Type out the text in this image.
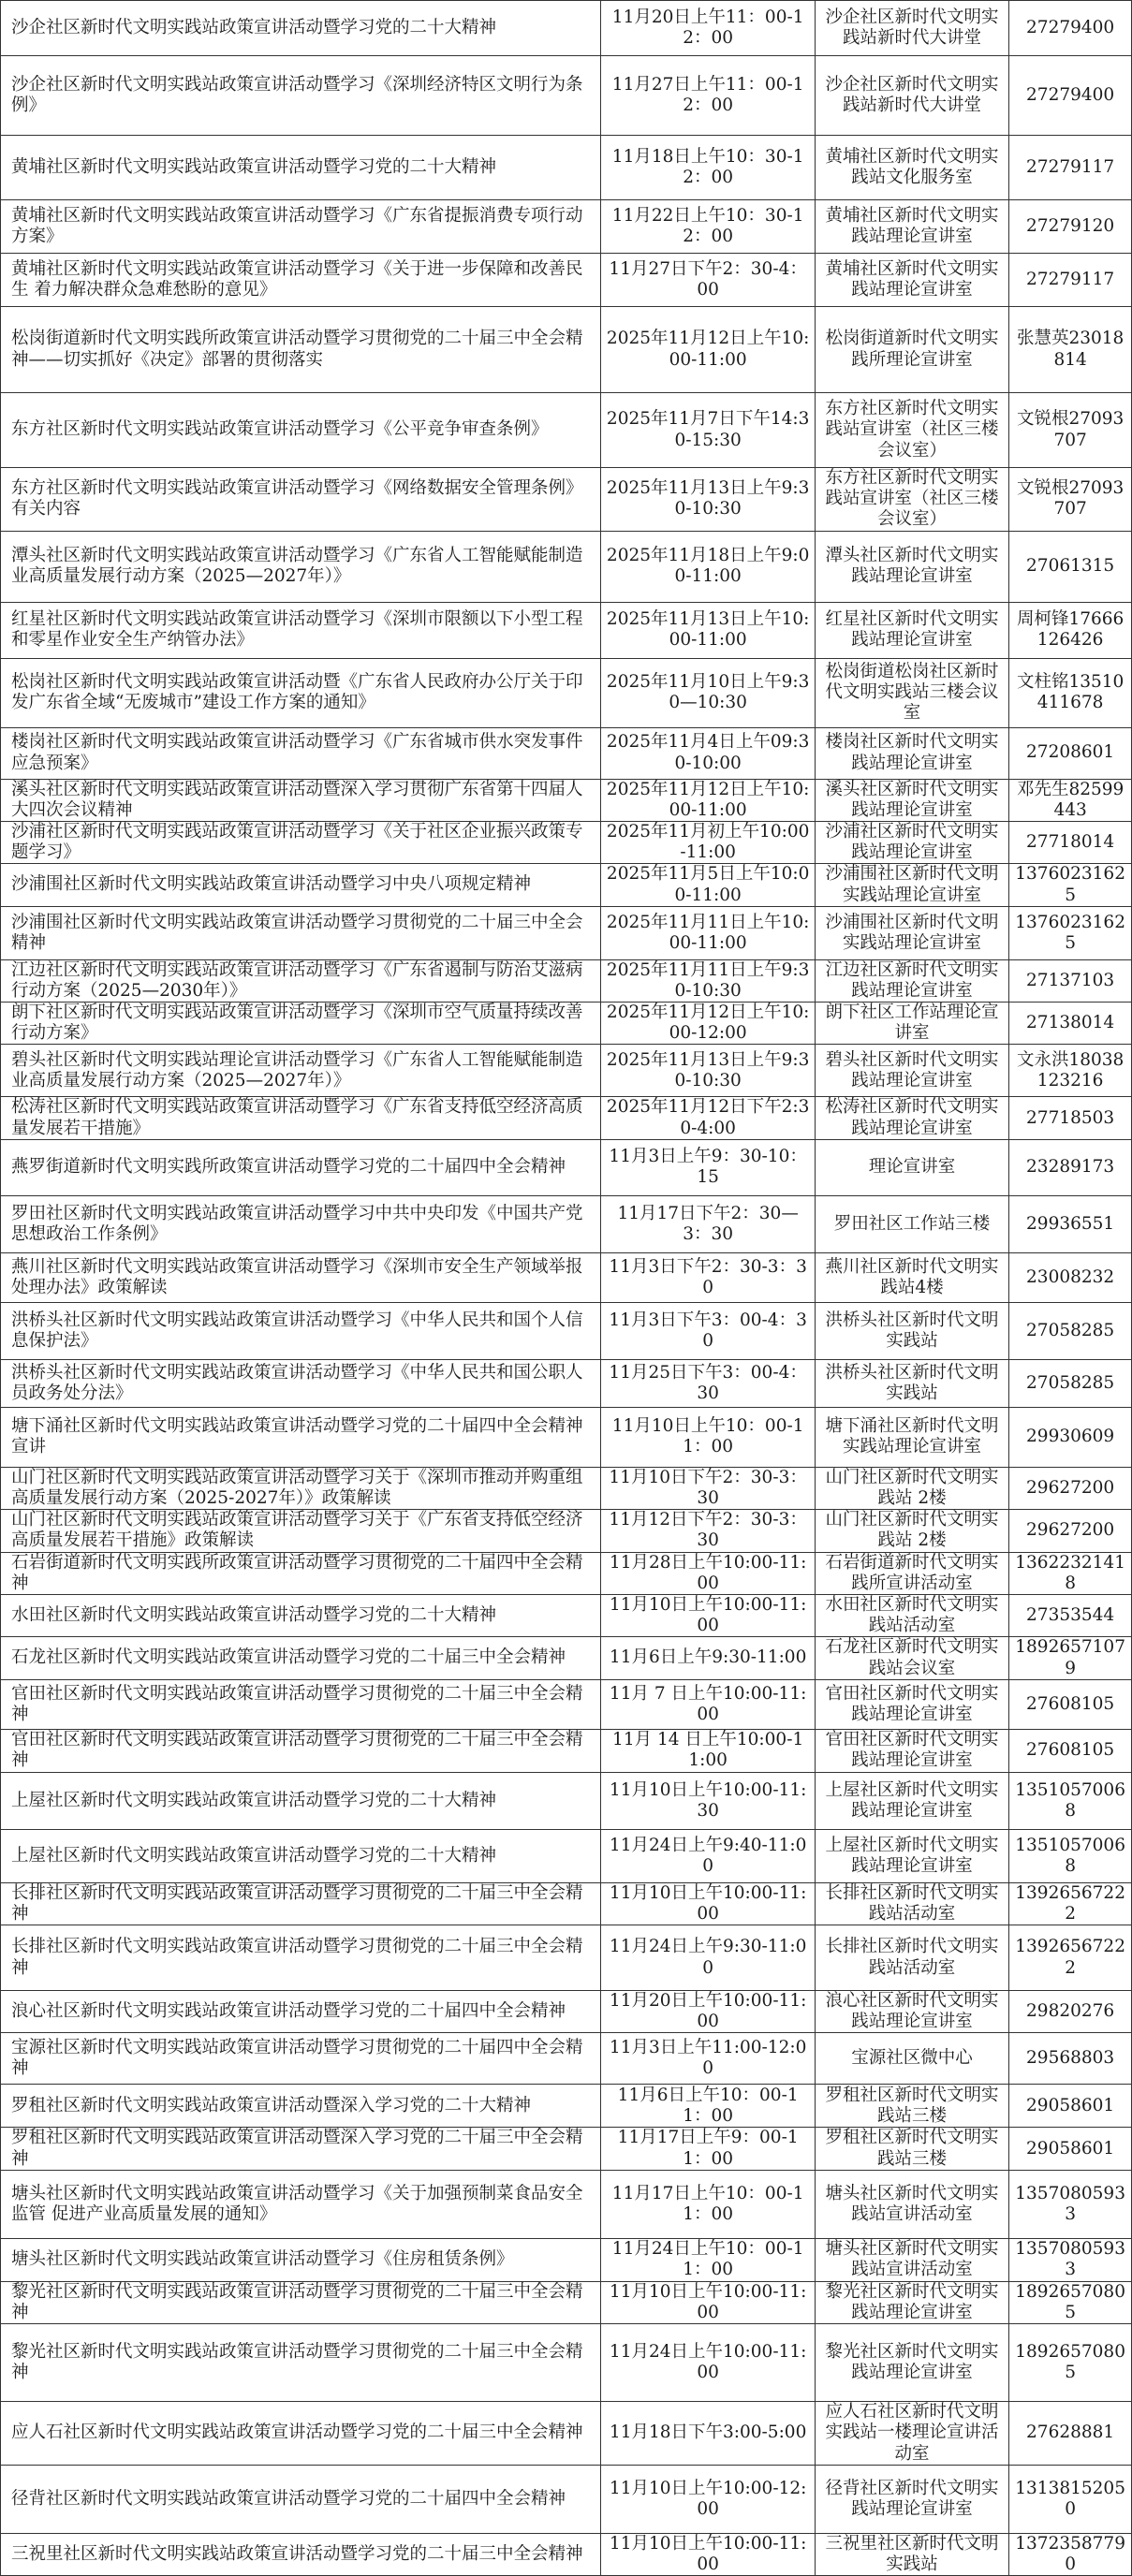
沙企社区新时代文明实践站政策宣讲活动暨学习党的二十大精神	11月20日上午11：00-12：00	沙企社区新时代文明实践站新时代大讲堂	27279400
沙企社区新时代文明实践站政策宣讲活动暨学习《深圳经济特区文明行为条例》	11月27日上午11：00-12：00	沙企社区新时代文明实践站新时代大讲堂	27279400
黄埔社区新时代文明实践站政策宣讲活动暨学习党的二十大精神	11月18日上午10：30-12：00	黄埔社区新时代文明实践站文化服务室	27279117
黄埔社区新时代文明实践站政策宣讲活动暨学习《广东省提振消费专项行动方案》	11月22日上午10：30-12：00	黄埔社区新时代文明实践站理论宣讲室	27279120
黄埔社区新时代文明实践站政策宣讲活动暨学习《关于进一步保障和改善民生 着力解决群众急难愁盼的意见》	11月27日下午2：30-4：00	黄埔社区新时代文明实践站理论宣讲室	27279117
松岗街道新时代文明实践所政策宣讲活动暨学习贯彻党的二十届三中全会精神——切实抓好《决定》部署的贯彻落实	2025年11月12日上午10:00-11:00	松岗街道新时代文明实践所理论宣讲室	张慧英23018814
东方社区新时代文明实践站政策宣讲活动暨学习《公平竞争审查条例》	2025年11月7日下午14:30-15:30	东方社区新时代文明实践站宣讲室（社区三楼会议室）	文锐根27093707
东方社区新时代文明实践站政策宣讲活动暨学习《网络数据安全管理条例》有关内容	2025年11月13日上午9:30-10:30	东方社区新时代文明实践站宣讲室（社区三楼会议室）	文锐根27093707
潭头社区新时代文明实践站政策宣讲活动暨学习《广东省人工智能赋能制造业高质量发展行动方案（2025—2027年）》	2025年11月18日上午9:00-11:00	潭头社区新时代文明实践站理论宣讲室	27061315
红星社区新时代文明实践站政策宣讲活动暨学习《深圳市限额以下小型工程和零星作业安全生产纳管办法》	2025年11月13日上午10:00-11:00	红星社区新时代文明实践站理论宣讲室	周柯锋17666126426
松岗社区新时代文明实践站政策宣讲活动暨《广东省人民政府办公厅关于印发广东省全域“无废城市”建设工作方案的通知》	2025年11月10日上午9:30—10:30	松岗街道松岗社区新时代文明实践站三楼会议室	文柱铭13510411678
楼岗社区新时代文明实践站政策宣讲活动暨学习《广东省城市供水突发事件应急预案》	2025年11月4日上午09:30-10:00	楼岗社区新时代文明实践站理论宣讲室	27208601
溪头社区新时代文明实践站政策宣讲活动暨深入学习贯彻广东省第十四届人大四次会议精神	2025年11月12日上午10:00-11:00	溪头社区新时代文明实践站理论宣讲室	邓先生82599443
沙浦社区新时代文明实践站政策宣讲活动暨学习《关于社区企业振兴政策专题学习》	2025年11月初上午10:00-11:00	沙浦社区新时代文明实践站理论宣讲室	27718014
沙浦围社区新时代文明实践站政策宣讲活动暨学习中央八项规定精神	2025年11月5日上午10:00-11:00	沙浦围社区新时代文明实践站理论宣讲室	13760231625
沙浦围社区新时代文明实践站政策宣讲活动暨学习贯彻党的二十届三中全会精神	2025年11月11日上午10:00-11:00	沙浦围社区新时代文明实践站理论宣讲室	13760231625
江边社区新时代文明实践站政策宣讲活动暨学习《广东省遏制与防治艾滋病行动方案（2025—2030年）》	2025年11月11日上午9:30-10:30	江边社区新时代文明实践站理论宣讲室	27137103
朗下社区新时代文明实践站政策宣讲活动暨学习《深圳市空气质量持续改善行动方案》	2025年11月12日上午10:00-12:00	朗下社区工作站理论宣讲室	27138014
碧头社区新时代文明实践站理论宣讲活动暨学习《广东省人工智能赋能制造业高质量发展行动方案（2025—2027年）》	2025年11月13日上午9:30-10:30	碧头社区新时代文明实践站理论宣讲室	文永洪18038123216
松涛社区新时代文明实践站政策宣讲活动暨学习《广东省支持低空经济高质量发展若干措施》	2025年11月12日下午2:30-4:00	松涛社区新时代文明实践站理论宣讲室	27718503
燕罗街道新时代文明实践所政策宣讲活动暨学习党的二十届四中全会精神	11月3日上午9：30-10：15	理论宣讲室	23289173
罗田社区新时代文明实践站政策宣讲活动暨学习中共中央印发《中国共产党思想政治工作条例》	11月17日下午2：30—3：30	罗田社区工作站三楼	29936551
燕川社区新时代文明实践站政策宣讲活动暨学习《深圳市安全生产领域举报处理办法》政策解读	11月3日下午2：30-3：30	燕川社区新时代文明实践站4楼	23008232
洪桥头社区新时代文明实践站政策宣讲活动暨学习《中华人民共和国个人信息保护法》	11月3日下午3：00-4：30	洪桥头社区新时代文明实践站	27058285
洪桥头社区新时代文明实践站政策宣讲活动暨学习《中华人民共和国公职人员政务处分法》	11月25日下午3：00-4：30	洪桥头社区新时代文明实践站	27058285
塘下涌社区新时代文明实践站政策宣讲活动暨学习党的二十届四中全会精神宣讲	11月10日上午10：00-11：00	塘下涌社区新时代文明实践站理论宣讲室	29930609
山门社区新时代文明实践站政策宣讲活动暨学习关于《深圳市推动并购重组高质量发展行动方案（2025-2027年）》政策解读	11月10日下午2：30-3：30	山门社区新时代文明实践站 2楼	29627200
山门社区新时代文明实践站政策宣讲活动暨学习关于《广东省支持低空经济高质量发展若干措施》政策解读	11月12日下午2：30-3：30	山门社区新时代文明实践站 2楼	29627200
石岩街道新时代文明实践所政策宣讲活动暨学习贯彻党的二十届四中全会精神	11月28日上午10:00-11:00	石岩街道新时代文明实践所宣讲活动室	13622321418
水田社区新时代文明实践站政策宣讲活动暨学习党的二十大精神	11月10日上午10:00-11:00	水田社区新时代文明实践站活动室	27353544
石龙社区新时代文明实践站政策宣讲活动暨学习党的二十届三中全会精神	11月6日上午9:30-11:00	石龙社区新时代文明实践站会议室	18926571079
官田社区新时代文明实践站政策宣讲活动暨学习贯彻党的二十届三中全会精神	11月 7 日上午10:00-11:00	官田社区新时代文明实践站理论宣讲室	27608105
官田社区新时代文明实践站政策宣讲活动暨学习贯彻党的二十届三中全会精神	11月 14 日上午10:00-11:00	官田社区新时代文明实践站理论宣讲室	27608105
上屋社区新时代文明实践站政策宣讲活动暨学习党的二十大精神	11月10日上午10:00-11:30	上屋社区新时代文明实践站理论宣讲室	13510570068
上屋社区新时代文明实践站政策宣讲活动暨学习党的二十大精神	11月24日上午9:40-11:00	上屋社区新时代文明实践站理论宣讲室	13510570068
长排社区新时代文明实践站政策宣讲活动暨学习贯彻党的二十届三中全会精神	11月10日上午10:00-11:00	长排社区新时代文明实践站活动室	13926567222
长排社区新时代文明实践站政策宣讲活动暨学习贯彻党的二十届三中全会精神	11月24日上午9:30-11:00	长排社区新时代文明实践站活动室	13926567222
浪心社区新时代文明实践站政策宣讲活动暨学习党的二十届四中全会精神	11月20日上午10:00-11:00	浪心社区新时代文明实践站理论宣讲室	29820276
宝源社区新时代文明实践站政策宣讲活动暨学习贯彻党的二十届四中全会精神	11月3日上午11:00-12:00	宝源社区微中心	29568803
罗租社区新时代文明实践站政策宣讲活动暨深入学习党的二十大精神	11月6日上午10：00-11：00	罗租社区新时代文明实践站三楼	29058601
罗租社区新时代文明实践站政策宣讲活动暨深入学习党的二十届三中全会精神	11月17日上午9：00-11：00	罗租社区新时代文明实践站三楼	29058601
塘头社区新时代文明实践站政策宣讲活动暨学习《关于加强预制菜食品安全监管 促进产业高质量发展的通知》	11月17日上午10：00-11：00	塘头社区新时代文明实践站宣讲活动室	13570805933
塘头社区新时代文明实践站政策宣讲活动暨学习《住房租赁条例》	11月24日上午10：00-11：00	塘头社区新时代文明实践站宣讲活动室	13570805933
黎光社区新时代文明实践站政策宣讲活动暨学习贯彻党的二十届三中全会精神	11月10日上午10:00-11:00	黎光社区新时代文明实践站理论宣讲室	18926570805
黎光社区新时代文明实践站政策宣讲活动暨学习贯彻党的二十届三中全会精神	11月24日上午10:00-11:00	黎光社区新时代文明实践站理论宣讲室	18926570805
应人石社区新时代文明实践站政策宣讲活动暨学习党的二十届三中全会精神	11月18日下午3:00-5:00	应人石社区新时代文明实践站一楼理论宣讲活动室	27628881
径背社区新时代文明实践站政策宣讲活动暨学习党的二十届四中全会精神	11月10日上午10:00-12:00	径背社区新时代文明实践站理论宣讲室	13138152050
三祝里社区新时代文明实践站政策宣讲活动暨学习党的二十届三中全会精神	11月10日上午10:00-11:00	三祝里社区新时代文明实践站	13723587790
